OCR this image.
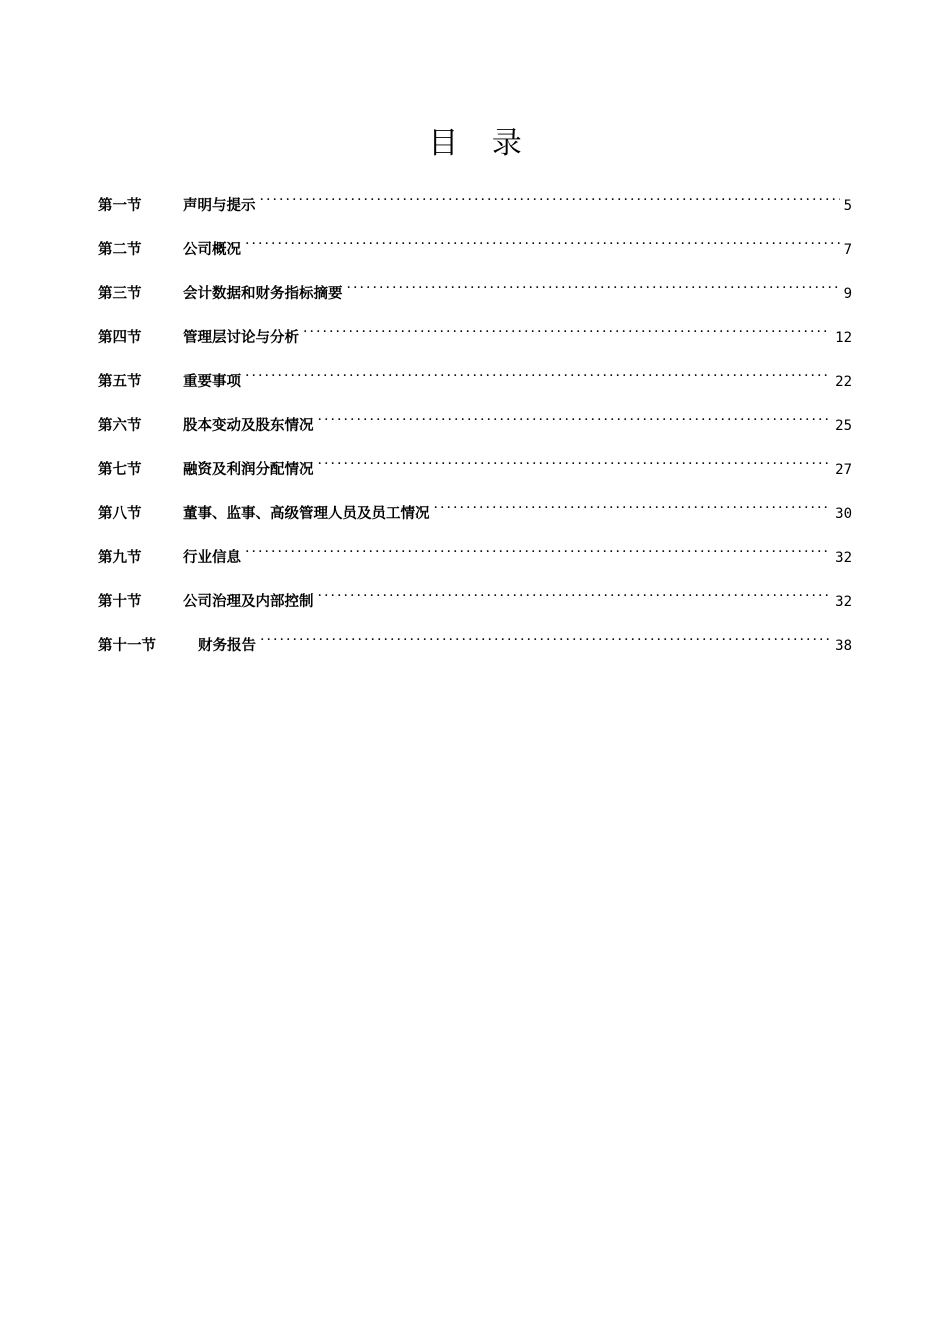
目 录
第一节	声明与提示 . . .	5
第二节	公司概况 . . .	7
第三节	会计数据和财务指标摘要 . . .	9
第四节	管理层讨论与分析 . . .	12
第五节	重要事项 . . .	22
第六节	股本变动及股东情况 . . .	25
第七节	融资及利润分配情况 . . .	27
第八节	董事、监事、高级管理人员及员工情况 . . .	30
第九节	行业信息 . . .	32
第十节	公司治理及内部控制 . . .	32
第十一节	财务报告 . . .	38
